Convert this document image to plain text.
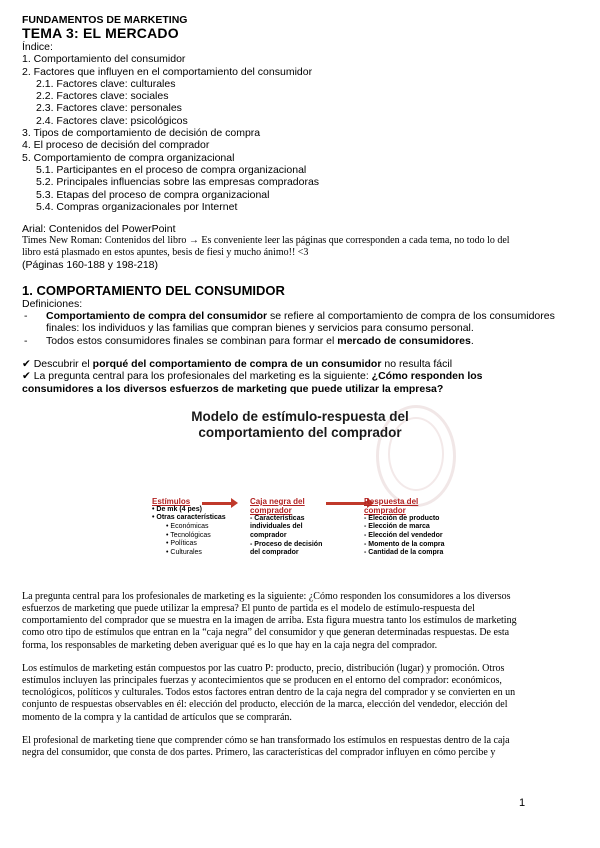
FUNDAMENTOS DE MARKETING
TEMA 3: EL MERCADO
Índice:
1. Comportamiento del consumidor
2. Factores que influyen en el comportamiento del consumidor
2.1. Factores clave: culturales
2.2. Factores clave: sociales
2.3. Factores clave: personales
2.4. Factores clave: psicológicos
3. Tipos de comportamiento de decisión de compra
4. El proceso de decisión del comprador
5. Comportamiento de compra organizacional
5.1. Participantes en el proceso de compra organizacional
5.2. Principales influencias sobre las empresas compradoras
5.3. Etapas del proceso de compra organizacional
5.4. Compras organizacionales por Internet
Arial: Contenidos del PowerPoint
Times New Roman: Contenidos del libro → Es conveniente leer las páginas que corresponden a cada tema, no todo lo del
libro está plasmado en estos apuntes, besis de fiesi y mucho ánimo!! <3
(Páginas 160-188 y 198-218)
1. COMPORTAMIENTO DEL CONSUMIDOR
Definiciones:
-	Comportamiento de compra del consumidor se refiere al comportamiento de compra de los consumidores
finales: los individuos y las familias que compran bienes y servicios para consumo personal.
-	Todos estos consumidores finales se combinan para formar el mercado de consumidores.
✔ Descubrir el porqué del comportamiento de compra de un consumidor no resulta fácil
✔ La pregunta central para los profesionales del marketing es la siguiente: ¿Cómo responden los
consumidores a los diversos esfuerzos de marketing que puede utilizar la empresa?
Modelo de estímulo-respuesta del
comportamiento del comprador
Estímulos
• De mk (4 pes)
• Otras características
• Económicas
• Tecnológicas
• Políticas
• Culturales
Caja negra del
comprador
- Características
individuales del
comprador
- Proceso de decisión
del comprador
Respuesta del
comprador
- Elección de producto
- Elección de marca
- Elección del vendedor
- Momento de la compra
- Cantidad de la compra
La pregunta central para los profesionales de marketing es la siguiente: ¿Cómo responden los consumidores a los diversos
esfuerzos de marketing que puede utilizar la empresa? El punto de partida es el modelo de estímulo-respuesta del
comportamiento del comprador que se muestra en la imagen de arriba. Esta figura muestra tanto los estímulos de marketing
como otro tipo de estímulos que entran en la “caja negra” del consumidor y que generan determinadas respuestas. De esta
forma, los responsables de marketing deben averiguar qué es lo que hay en la caja negra del comprador.
Los estímulos de marketing están compuestos por las cuatro P: producto, precio, distribución (lugar) y promoción. Otros
estímulos incluyen las principales fuerzas y acontecimientos que se producen en el entorno del comprador: económicos,
tecnológicos, políticos y culturales. Todos estos factores entran dentro de la caja negra del comprador y se convierten en un
conjunto de respuestas observables en él: elección del producto, elección de la marca, elección del vendedor, elección del
momento de la compra y la cantidad de artículos que se comprarán.
El profesional de marketing tiene que comprender cómo se han transformado los estímulos en respuestas dentro de la caja
negra del consumidor, que consta de dos partes. Primero, las características del comprador influyen en cómo percibe y
1
